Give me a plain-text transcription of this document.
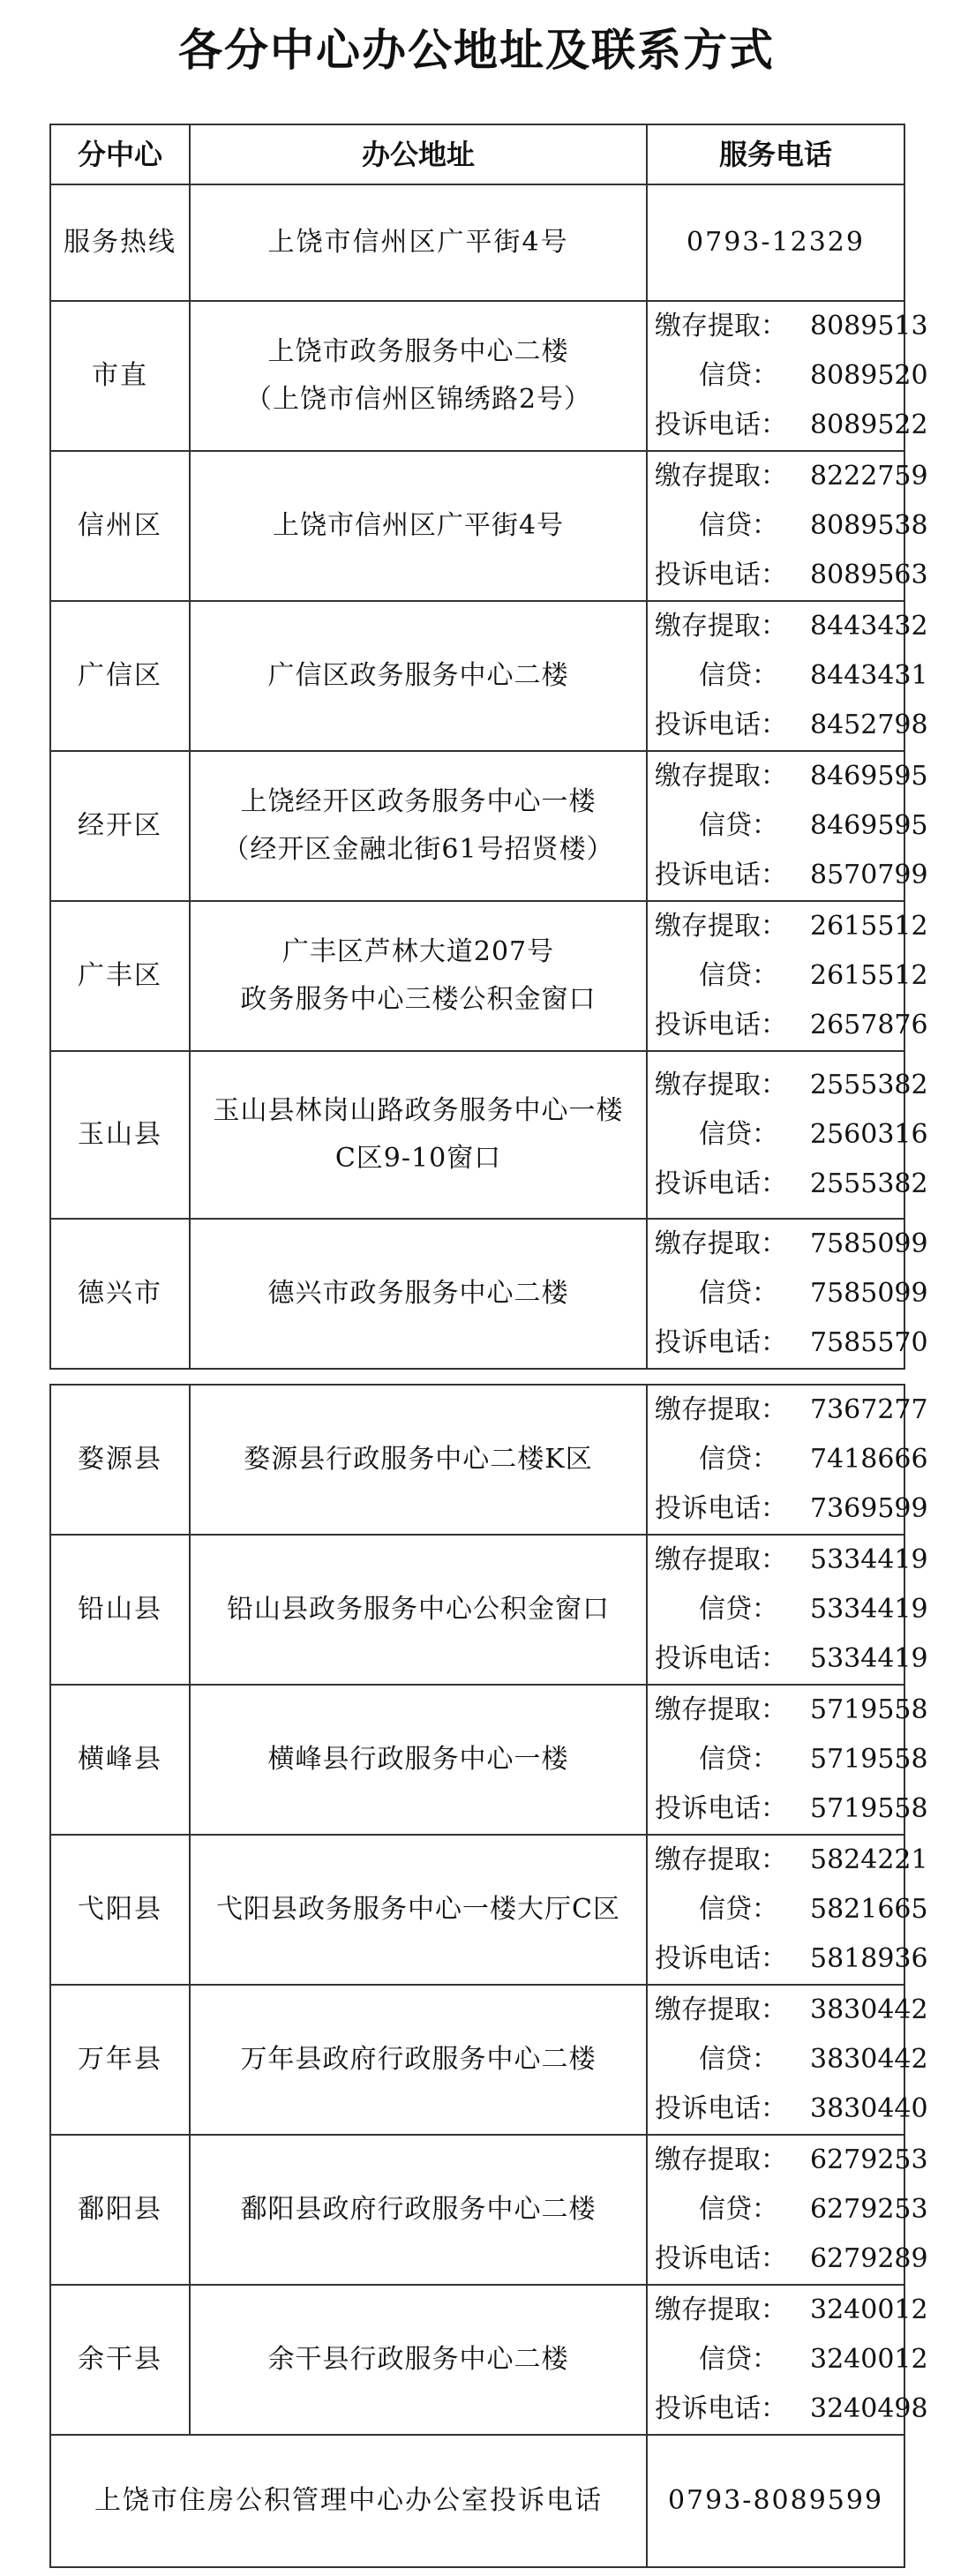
各分中心办公地址及联系方式
分中心	办公地址	服务电话
服务热线	上饶市信州区广平街4号	0793-12329
市直	上饶市政务服务中心二楼
（上饶市信州区锦绣路2号）	缴存提取： 8089513
信贷： 8089520
投诉电话： 8089522

信州区	上饶市信州区广平街4号	缴存提取： 8222759
信贷： 8089538
投诉电话： 8089563

广信区	广信区政务服务中心二楼	缴存提取： 8443432
信贷： 8443431
投诉电话： 8452798

经开区	上饶经开区政务服务中心一楼
（经开区金融北街61号招贤楼）	缴存提取： 8469595
信贷： 8469595
投诉电话： 8570799

广丰区	广丰区芦林大道207号
政务服务中心三楼公积金窗口	缴存提取： 2615512
信贷： 2615512
投诉电话： 2657876

玉山县	玉山县林岗山路政务服务中心一楼
C区9-10窗口	缴存提取： 2555382
信贷： 2560316
投诉电话： 2555382

德兴市	德兴市政务服务中心二楼	缴存提取： 7585099
信贷： 7585099
投诉电话： 7585570
婺源县	婺源县行政服务中心二楼K区	缴存提取： 7367277
信贷： 7418666
投诉电话： 7369599

铅山县	铅山县政务服务中心公积金窗口	缴存提取： 5334419
信贷： 5334419
投诉电话： 5334419

横峰县	横峰县行政服务中心一楼	缴存提取： 5719558
信贷： 5719558
投诉电话： 5719558

弋阳县	弋阳县政务服务中心一楼大厅C区	缴存提取： 5824221
信贷： 5821665
投诉电话： 5818936

万年县	万年县政府行政服务中心二楼	缴存提取： 3830442
信贷： 3830442
投诉电话： 3830440

鄱阳县	鄱阳县政府行政服务中心二楼	缴存提取： 6279253
信贷： 6279253
投诉电话： 6279289

余干县	余干县行政服务中心二楼	缴存提取： 3240012
信贷： 3240012
投诉电话： 3240498

上饶市住房公积管理中心办公室投诉电话		0793-8089599
